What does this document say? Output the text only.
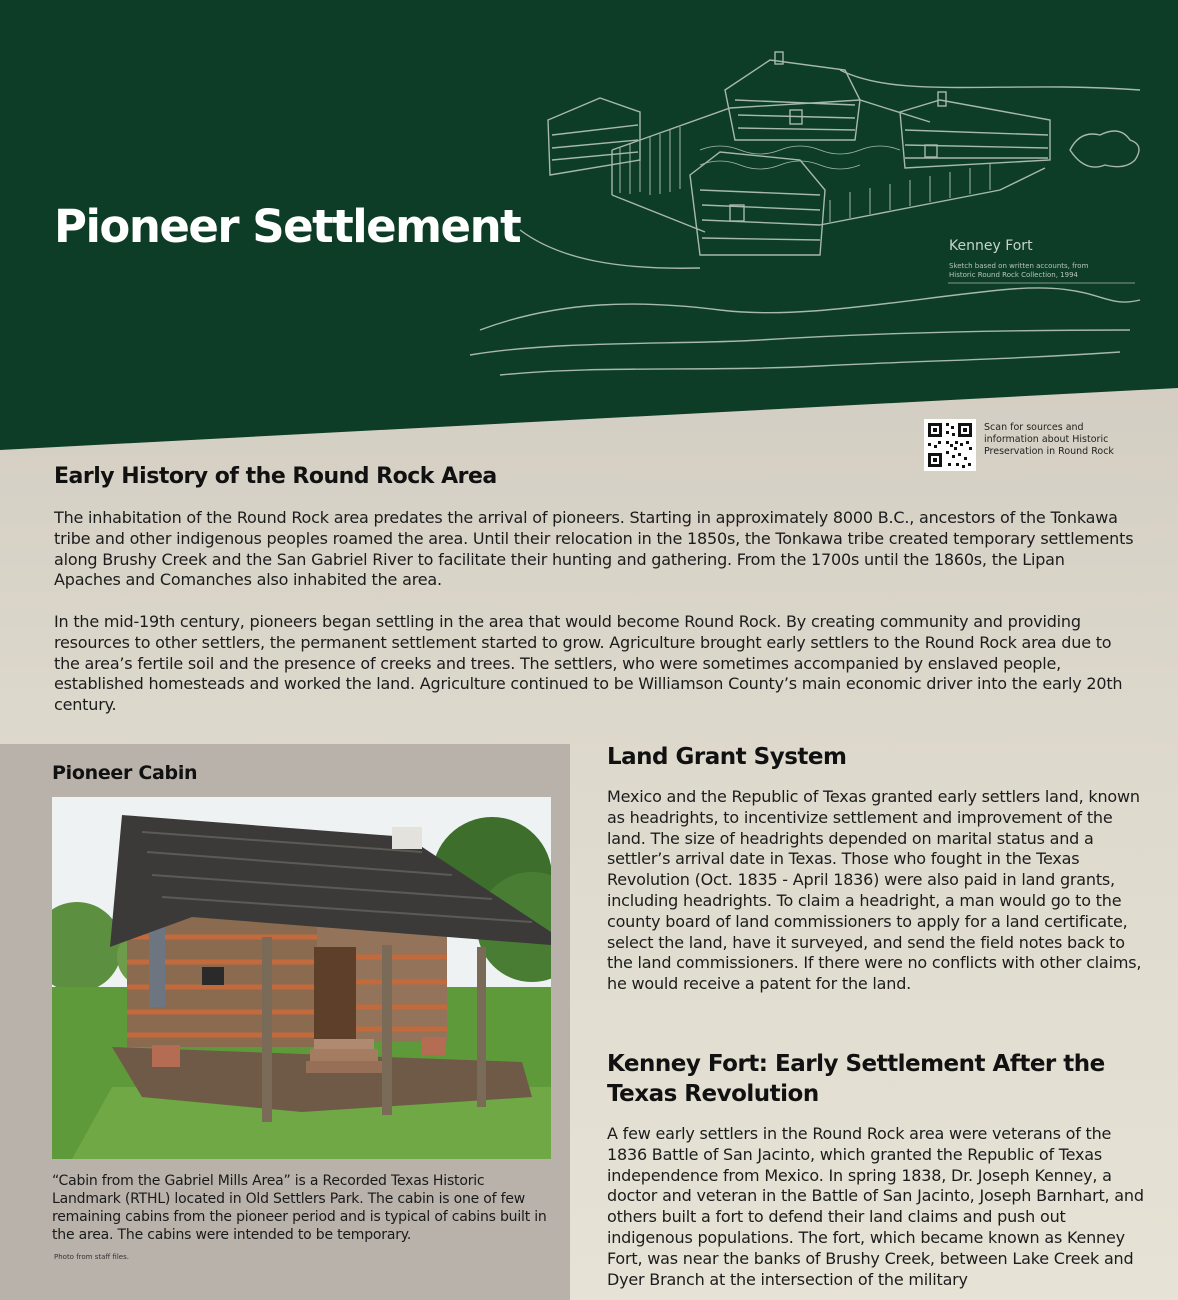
Pioneer Settlement	Kenney Fort
Sketch based on written accounts, from Historic Round Rock Collection, 1994
Scan for sources and information about Historic Preservation in Round Rock
Early History of the Round Rock Area

The inhabitation of the Round Rock area predates the arrival of pioneers. Starting in approximately 8000 B.C., ancestors of the Tonkawa tribe and other indigenous peoples roamed the area. Until their relocation in the 1850s, the Tonkawa tribe created temporary settlements along Brushy Creek and the San Gabriel River to facilitate their hunting and gathering. From the 1700s until the 1860s, the Lipan Apaches and Comanches also inhabited the area.

In the mid-19th century, pioneers began settling in the area that would become Round Rock. By creating community and providing resources to other settlers, the permanent settlement started to grow. Agriculture brought early settlers to the Round Rock area due to the area’s fertile soil and the presence of creeks and trees. The settlers, who were sometimes accompanied by enslaved people, established homesteads and worked the land. Agriculture continued to be Williamson County’s main economic driver into the early 20th century.

Pioneer Cabin

“Cabin from the Gabriel Mills Area” is a Recorded Texas Historic Landmark (RTHL) located in Old Settlers Park. The cabin is one of few remaining cabins from the pioneer period and is typical of cabins built in the area. The cabins were intended to be temporary.

Photo from staff files.
Land Grant System

Mexico and the Republic of Texas granted early settlers land, known as headrights, to incentivize settlement and improvement of the land. The size of headrights depended on marital status and a settler’s arrival date in Texas. Those who fought in the Texas Revolution (Oct. 1835 - April 1836) were also paid in land grants, including headrights. To claim a headright, a man would go to the county board of land commissioners to apply for a land certificate, select the land, have it surveyed, and send the field notes back to the land commissioners. If there were no conflicts with other claims, he would receive a patent for the land.

Kenney Fort: Early Settlement After the Texas Revolution

A few early settlers in the Round Rock area were veterans of the 1836 Battle of San Jacinto, which granted the Republic of Texas independence from Mexico. In spring 1838, Dr. Joseph Kenney, a doctor and veteran in the Battle of San Jacinto, Joseph Barnhart, and others built a fort to defend their land claims and push out indigenous populations. The fort, which became known as Kenney Fort, was near the banks of Brushy Creek, between Lake Creek and Dyer Branch at the intersection of the military
